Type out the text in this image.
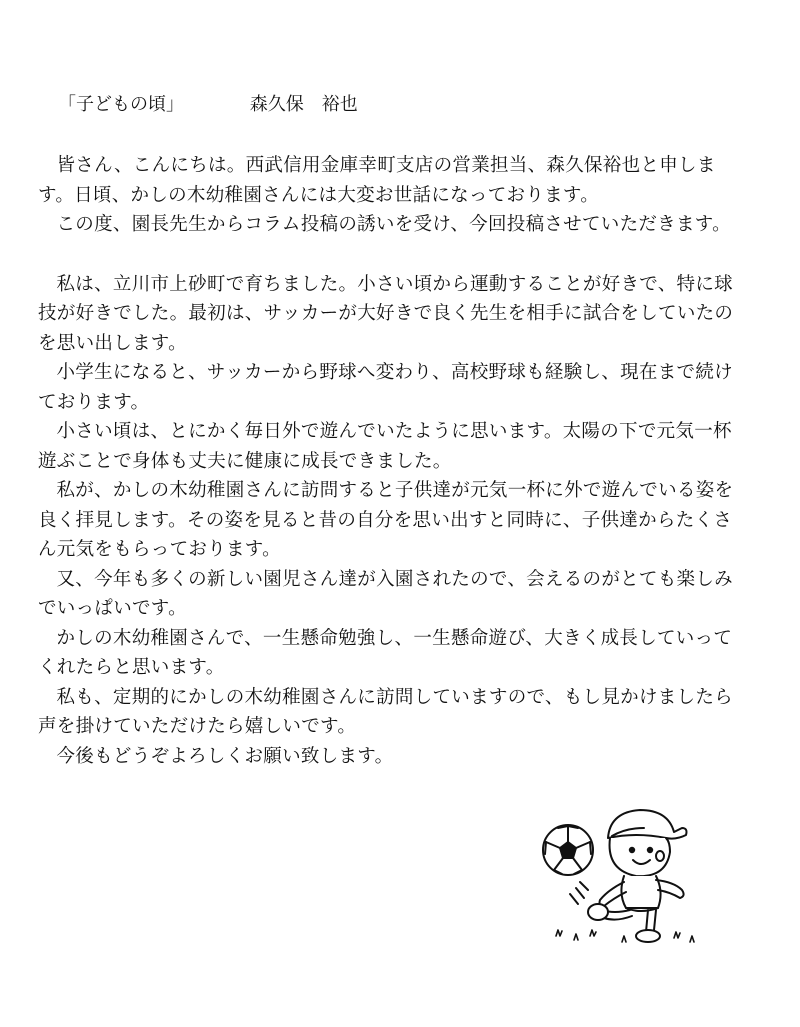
「子どもの頃」	森久保 裕也

皆さん、こんにちは。西武信用金庫幸町支店の営業担当、森久保裕也と申します。日頃、かしの木幼稚園さんには大変お世話になっております。

この度、園長先生からコラム投稿の誘いを受け、今回投稿させていただきます。

私は、立川市上砂町で育ちました。小さい頃から運動することが好きで、特に球技が好きでした。最初は、サッカーが大好きで良く先生を相手に試合をしていたのを思い出します。

小学生になると、サッカーから野球へ変わり、高校野球も経験し、現在まで続けております。

小さい頃は、とにかく毎日外で遊んでいたように思います。太陽の下で元気一杯遊ぶことで身体も丈夫に健康に成長できました。

私が、かしの木幼稚園さんに訪問すると子供達が元気一杯に外で遊んでいる姿を良く拝見します。その姿を見ると昔の自分を思い出すと同時に、子供達からたくさん元気をもらっております。

又、今年も多くの新しい園児さん達が入園されたので、会えるのがとても楽しみでいっぱいです。

かしの木幼稚園さんで、一生懸命勉強し、一生懸命遊び、大きく成長していってくれたらと思います。

私も、定期的にかしの木幼稚園さんに訪問していますので、もし見かけましたら声を掛けていただけたら嬉しいです。

今後もどうぞよろしくお願い致します。
